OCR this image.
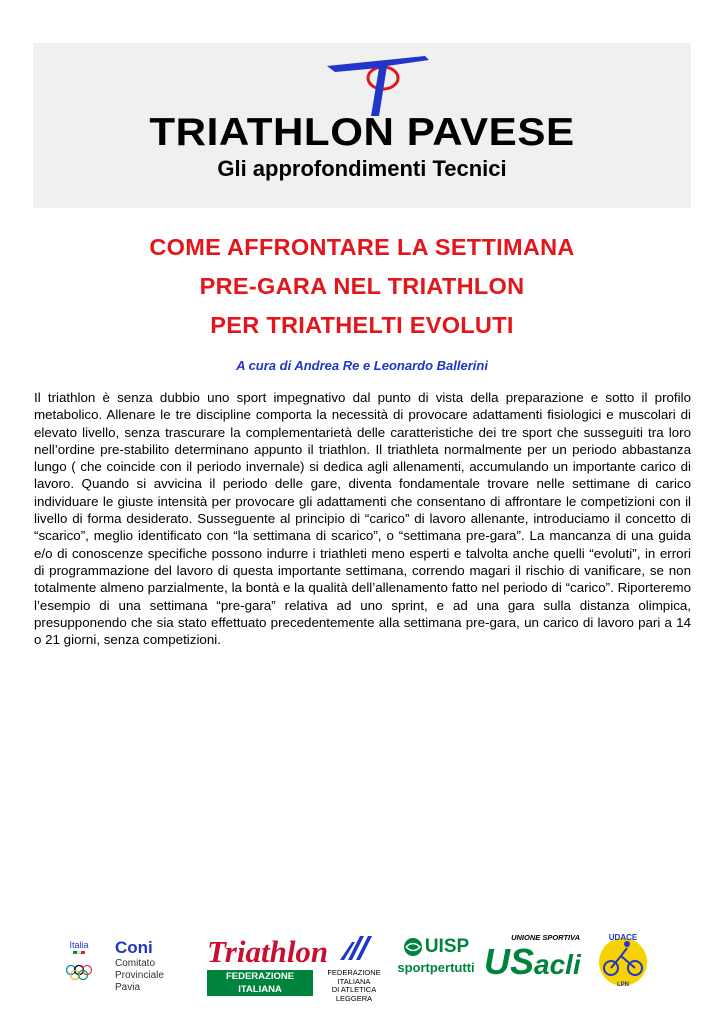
TRIATHLON PAVESE
Gli approfondimenti Tecnici
COME AFFRONTARE LA SETTIMANA
PRE-GARA NEL TRIATHLON
PER TRIATHELTI EVOLUTI
A cura di Andrea Re e Leonardo Ballerini
Il triathlon è senza dubbio uno sport impegnativo dal punto di vista della preparazione e sotto il profilo metabolico. Allenare le tre discipline comporta la necessità di provocare adattamenti fisiologici e muscolari di elevato livello, senza trascurare la complementarietà delle caratteristiche dei tre sport che susseguiti tra loro nell’ordine pre-stabilito determinano appunto il triathlon. Il triathleta normalmente per un periodo abbastanza lungo ( che coincide con il periodo invernale) si dedica agli allenamenti, accumulando un importante carico di lavoro. Quando si avvicina il periodo delle gare, diventa fondamentale trovare nelle settimane di carico individuare le giuste intensità per provocare gli adattamenti che consentano di affrontare le competizioni con il livello di forma desiderato. Susseguente al principio di “carico” di lavoro allenante, introduciamo il concetto di “scarico”, meglio identificato con “la settimana di scarico”, o “settimana pre-gara”. La mancanza di una guida e/o di conoscenze specifiche possono indurre i triathleti meno esperti e talvolta anche quelli “evoluti”, in errori di programmazione del lavoro di questa importante settimana, correndo magari il rischio di vanificare, se non totalmente almeno parzialmente, la bontà e la qualità dell’allenamento fatto nel periodo di “carico”. Riporteremo l’esempio di una settimana “pre-gara” relativa ad uno sprint, e ad una gara sulla distanza olimpica, presupponendo che sia stato effettuato precedentemente alla settimana pre-gara, un carico di lavoro pari a 14 o 21 giorni, senza competizioni.
Italia Coni
Comitato Provinciale
Pavia
Triathlon
FEDERAZIONE ITALIANA
FEDERAZIONE ITALIANA
DI ATLETICA LEGGERA
UISP
sportpertutti
UNIONE SPORTIVA
US acli
UDACE
LPN
